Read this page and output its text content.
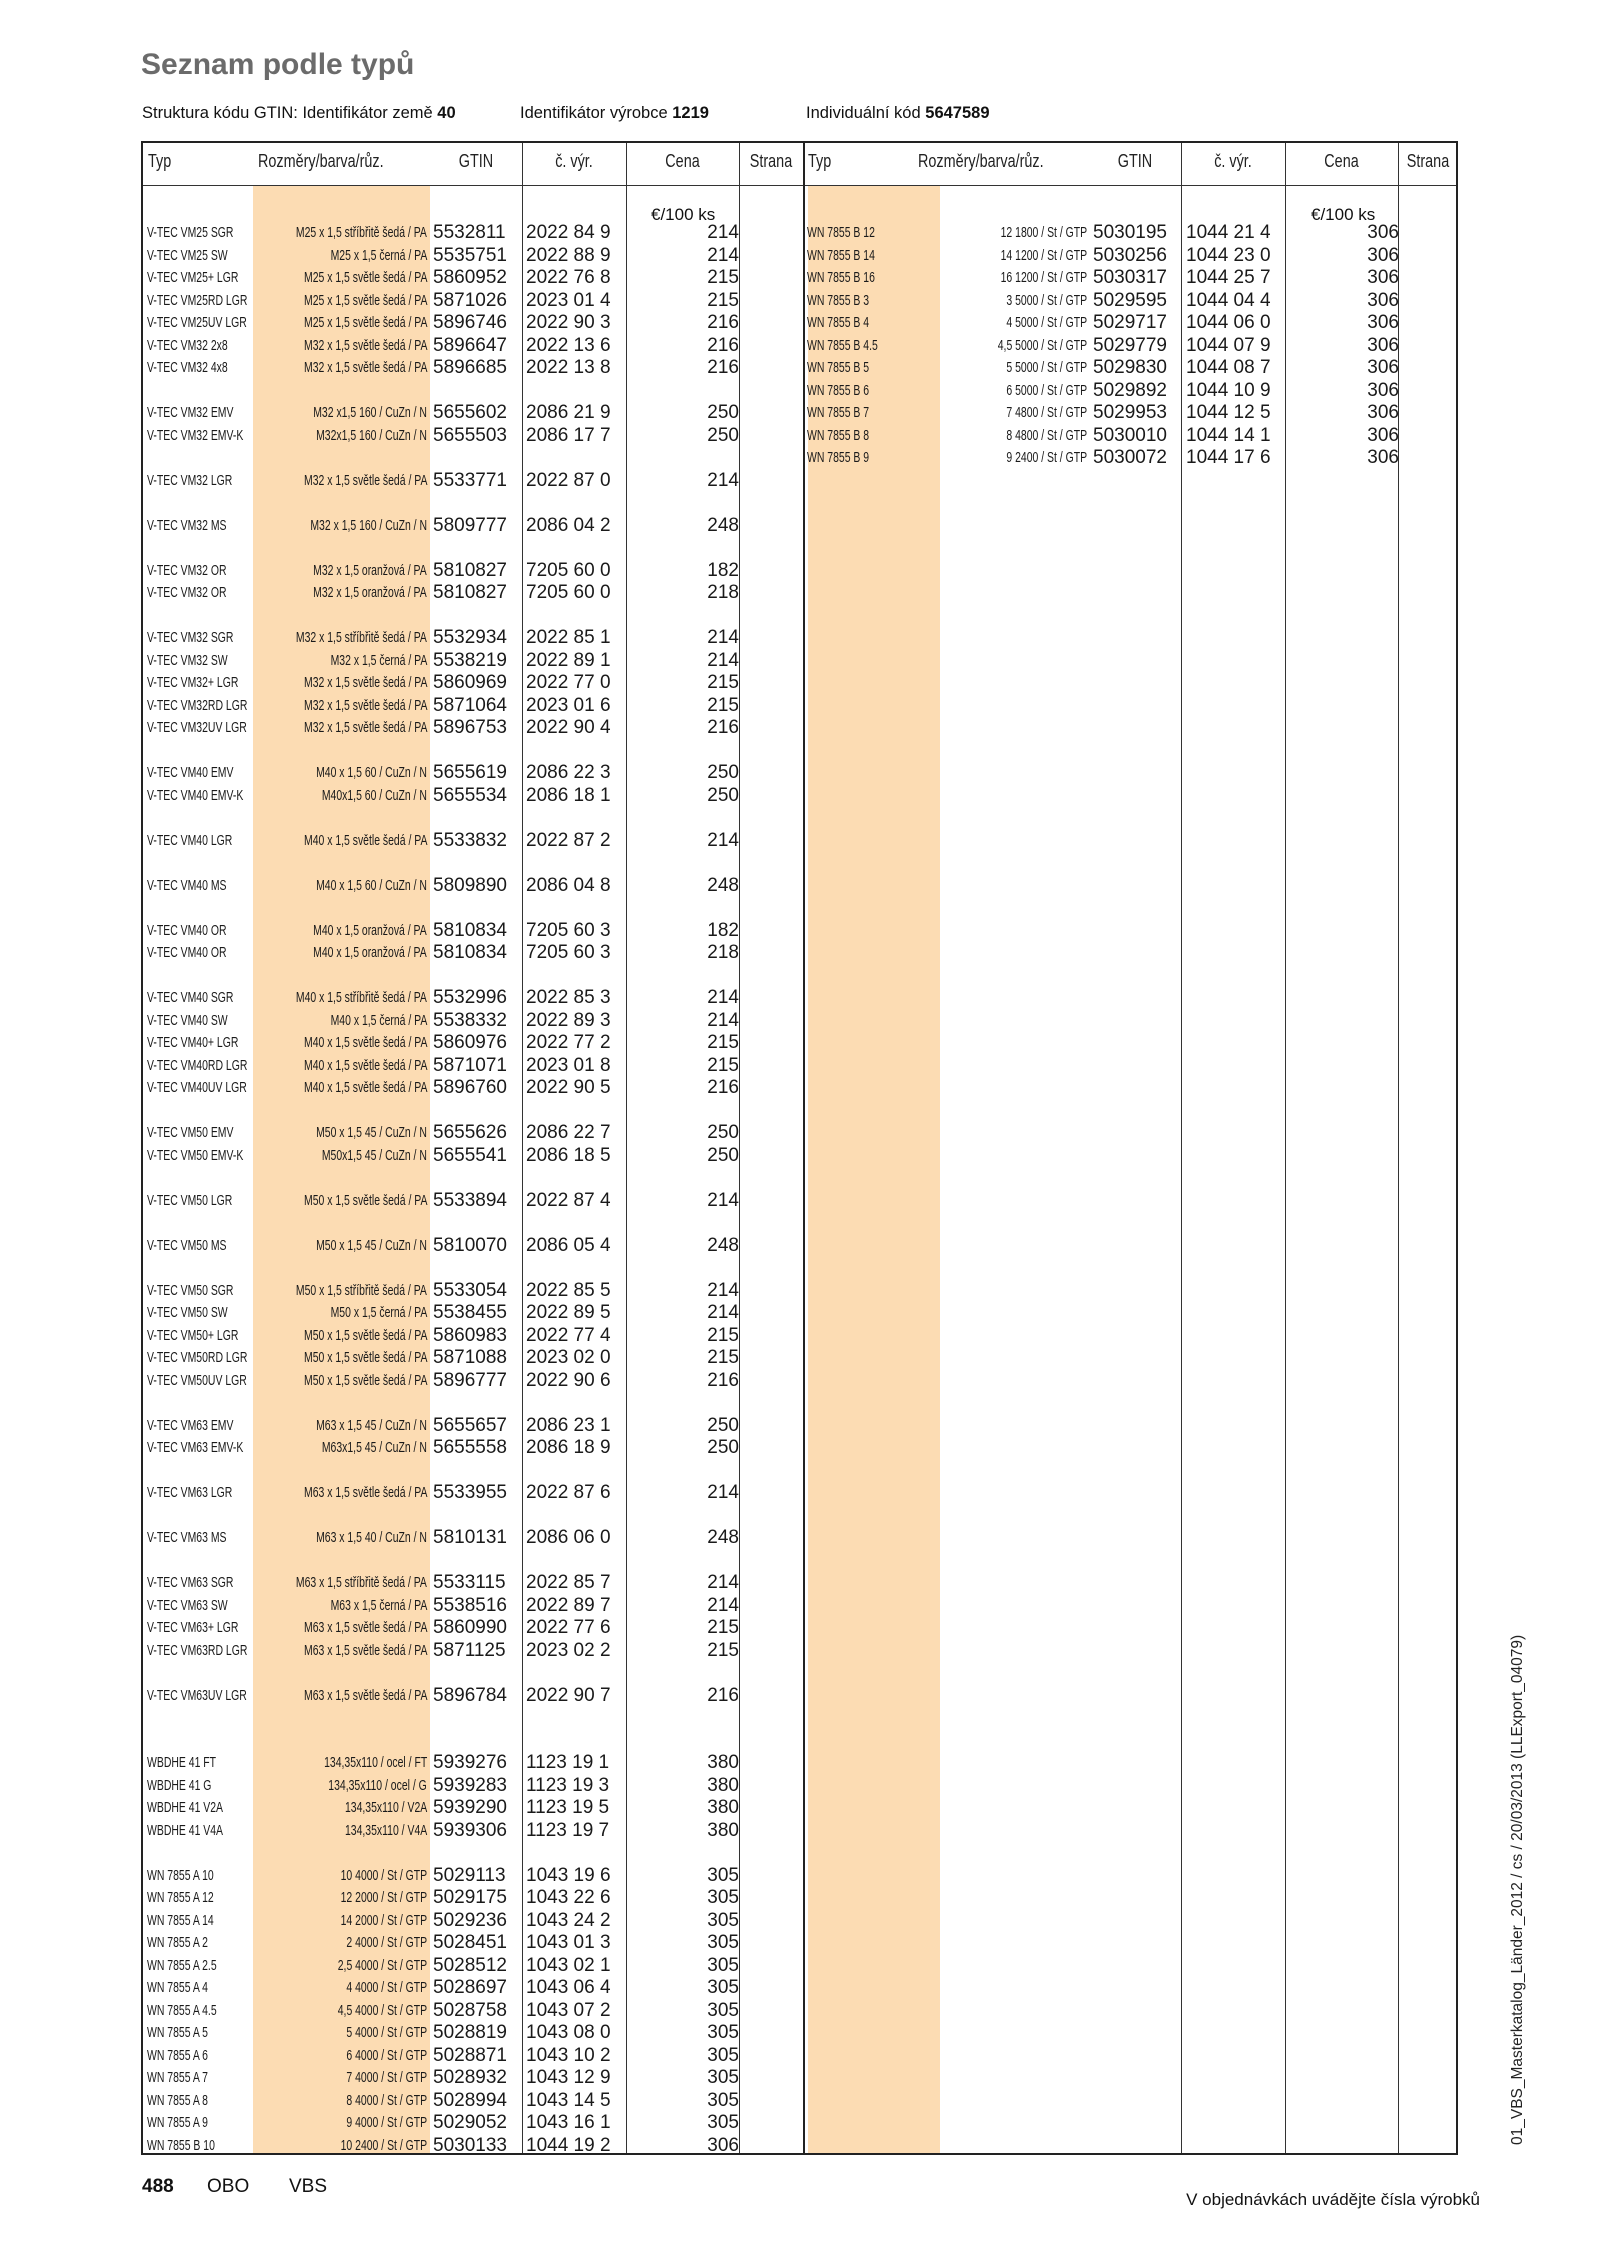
Seznam podle typů
Struktura kódu GTIN: Identifikátor země 40	Identifikátor výrobce 1219	Individuální kód 5647589
Typ	Rozměry/barva/růz.	GTIN	č. výr.	Cena	Strana Typ	Rozměry/barva/růz.	GTIN	č. výr.	Cena	Strana
€/100 ks	€/100 ks
V-TEC VM25 SGR	M25 x 1,5 stříbřitě šedá / PA 5532811 2022 84 9	214
V-TEC VM25 SW	M25 x 1,5 černá / PA 5535751 2022 88 9	214
V-TEC VM25+ LGR	M25 x 1,5 světle šedá / PA 5860952 2022 76 8	215
V-TEC VM25RD LGR	M25 x 1,5 světle šedá / PA 5871026 2023 01 4	215
V-TEC VM25UV LGR	M25 x 1,5 světle šedá / PA 5896746 2022 90 3	216
V-TEC VM32 2x8	M32 x 1,5 světle šedá / PA 5896647 2022 13 6	216
V-TEC VM32 4x8	M32 x 1,5 světle šedá / PA 5896685 2022 13 8	216
V-TEC VM32 EMV	M32 x1,5 160 / CuZn / N 5655602 2086 21 9	250
V-TEC VM32 EMV-K	M32x1,5 160 / CuZn / N 5655503 2086 17 7	250
V-TEC VM32 LGR	M32 x 1,5 světle šedá / PA 5533771 2022 87 0	214
V-TEC VM32 MS	M32 x 1,5 160 / CuZn / N 5809777 2086 04 2	248
V-TEC VM32 OR	M32 x 1,5 oranžová / PA 5810827 7205 60 0	182
V-TEC VM32 OR	M32 x 1,5 oranžová / PA 5810827 7205 60 0	218
V-TEC VM32 SGR	M32 x 1,5 stříbřitě šedá / PA 5532934 2022 85 1	214
V-TEC VM32 SW	M32 x 1,5 černá / PA 5538219 2022 89 1	214
V-TEC VM32+ LGR	M32 x 1,5 světle šedá / PA 5860969 2022 77 0	215
V-TEC VM32RD LGR	M32 x 1,5 světle šedá / PA 5871064 2023 01 6	215
V-TEC VM32UV LGR	M32 x 1,5 světle šedá / PA 5896753 2022 90 4	216
V-TEC VM40 EMV	M40 x 1,5 60 / CuZn / N 5655619 2086 22 3	250
V-TEC VM40 EMV-K	M40x1,5 60 / CuZn / N 5655534 2086 18 1	250
V-TEC VM40 LGR	M40 x 1,5 světle šedá / PA 5533832 2022 87 2	214
V-TEC VM40 MS	M40 x 1,5 60 / CuZn / N 5809890 2086 04 8	248
V-TEC VM40 OR	M40 x 1,5 oranžová / PA 5810834 7205 60 3	182
V-TEC VM40 OR	M40 x 1,5 oranžová / PA 5810834 7205 60 3	218
V-TEC VM40 SGR	M40 x 1,5 stříbřitě šedá / PA 5532996 2022 85 3	214
V-TEC VM40 SW	M40 x 1,5 černá / PA 5538332 2022 89 3	214
V-TEC VM40+ LGR	M40 x 1,5 světle šedá / PA 5860976 2022 77 2	215
V-TEC VM40RD LGR	M40 x 1,5 světle šedá / PA 5871071 2023 01 8	215
V-TEC VM40UV LGR	M40 x 1,5 světle šedá / PA 5896760 2022 90 5	216
V-TEC VM50 EMV	M50 x 1,5 45 / CuZn / N 5655626 2086 22 7	250
V-TEC VM50 EMV-K	M50x1,5 45 / CuZn / N 5655541 2086 18 5	250
V-TEC VM50 LGR	M50 x 1,5 světle šedá / PA 5533894 2022 87 4	214
V-TEC VM50 MS	M50 x 1,5 45 / CuZn / N 5810070 2086 05 4	248
V-TEC VM50 SGR	M50 x 1,5 stříbřitě šedá / PA 5533054 2022 85 5	214
V-TEC VM50 SW	M50 x 1,5 černá / PA 5538455 2022 89 5	214
V-TEC VM50+ LGR	M50 x 1,5 světle šedá / PA 5860983 2022 77 4	215
V-TEC VM50RD LGR	M50 x 1,5 světle šedá / PA 5871088 2023 02 0	215
V-TEC VM50UV LGR	M50 x 1,5 světle šedá / PA 5896777 2022 90 6	216
V-TEC VM63 EMV	M63 x 1,5 45 / CuZn / N 5655657 2086 23 1	250
V-TEC VM63 EMV-K	M63x1,5 45 / CuZn / N 5655558 2086 18 9	250
V-TEC VM63 LGR	M63 x 1,5 světle šedá / PA 5533955 2022 87 6	214
V-TEC VM63 MS	M63 x 1,5 40 / CuZn / N 5810131 2086 06 0	248
V-TEC VM63 SGR	M63 x 1,5 stříbřitě šedá / PA 5533115 2022 85 7	214
V-TEC VM63 SW	M63 x 1,5 černá / PA 5538516 2022 89 7	214
V-TEC VM63+ LGR	M63 x 1,5 světle šedá / PA 5860990 2022 77 6	215
V-TEC VM63RD LGR	M63 x 1,5 světle šedá / PA 5871125 2023 02 2	215
V-TEC VM63UV LGR	M63 x 1,5 světle šedá / PA 5896784 2022 90 7	216
WBDHE 41 FT	134,35x110 / ocel / FT 5939276 1123 19 1	380
WBDHE 41 G	134,35x110 / ocel / G 5939283 1123 19 3	380
WBDHE 41 V2A	134,35x110 / V2A 5939290 1123 19 5	380
WBDHE 41 V4A	134,35x110 / V4A 5939306 1123 19 7	380
WN 7855 A 10	10 4000 / St / GTP 5029113 1043 19 6	305
WN 7855 A 12	12 2000 / St / GTP 5029175 1043 22 6	305
WN 7855 A 14	14 2000 / St / GTP 5029236 1043 24 2	305
WN 7855 A 2	2 4000 / St / GTP 5028451 1043 01 3	305
WN 7855 A 2.5	2,5 4000 / St / GTP 5028512 1043 02 1	305
WN 7855 A 4	4 4000 / St / GTP 5028697 1043 06 4	305
WN 7855 A 4.5	4,5 4000 / St / GTP 5028758 1043 07 2	305
WN 7855 A 5	5 4000 / St / GTP 5028819 1043 08 0	305
WN 7855 A 6	6 4000 / St / GTP 5028871 1043 10 2	305
WN 7855 A 7	7 4000 / St / GTP 5028932 1043 12 9	305
WN 7855 A 8	8 4000 / St / GTP 5028994 1043 14 5	305
WN 7855 A 9	9 4000 / St / GTP 5029052 1043 16 1	305
WN 7855 B 10	10 2400 / St / GTP 5030133 1044 19 2	306
WN 7855 B 12	12 1800 / St / GTP 5030195 1044 21 4	306
WN 7855 B 14	14 1200 / St / GTP 5030256 1044 23 0	306
WN 7855 B 16	16 1200 / St / GTP 5030317 1044 25 7	306
WN 7855 B 3	3 5000 / St / GTP 5029595 1044 04 4	306
WN 7855 B 4	4 5000 / St / GTP 5029717 1044 06 0	306
WN 7855 B 4.5	4,5 5000 / St / GTP 5029779 1044 07 9	306
WN 7855 B 5	5 5000 / St / GTP 5029830 1044 08 7	306
WN 7855 B 6	6 5000 / St / GTP 5029892 1044 10 9	306
WN 7855 B 7	7 4800 / St / GTP 5029953 1044 12 5	306
WN 7855 B 8	8 4800 / St / GTP 5030010 1044 14 1	306
WN 7855 B 9	9 2400 / St / GTP 5030072 1044 17 6	306
01_VBS_Masterkatalog_Länder_2012 / cs / 20/03/2013 (LLExport_04079)
488 OBO VBS
V objednávkách uvádějte čísla výrobků
